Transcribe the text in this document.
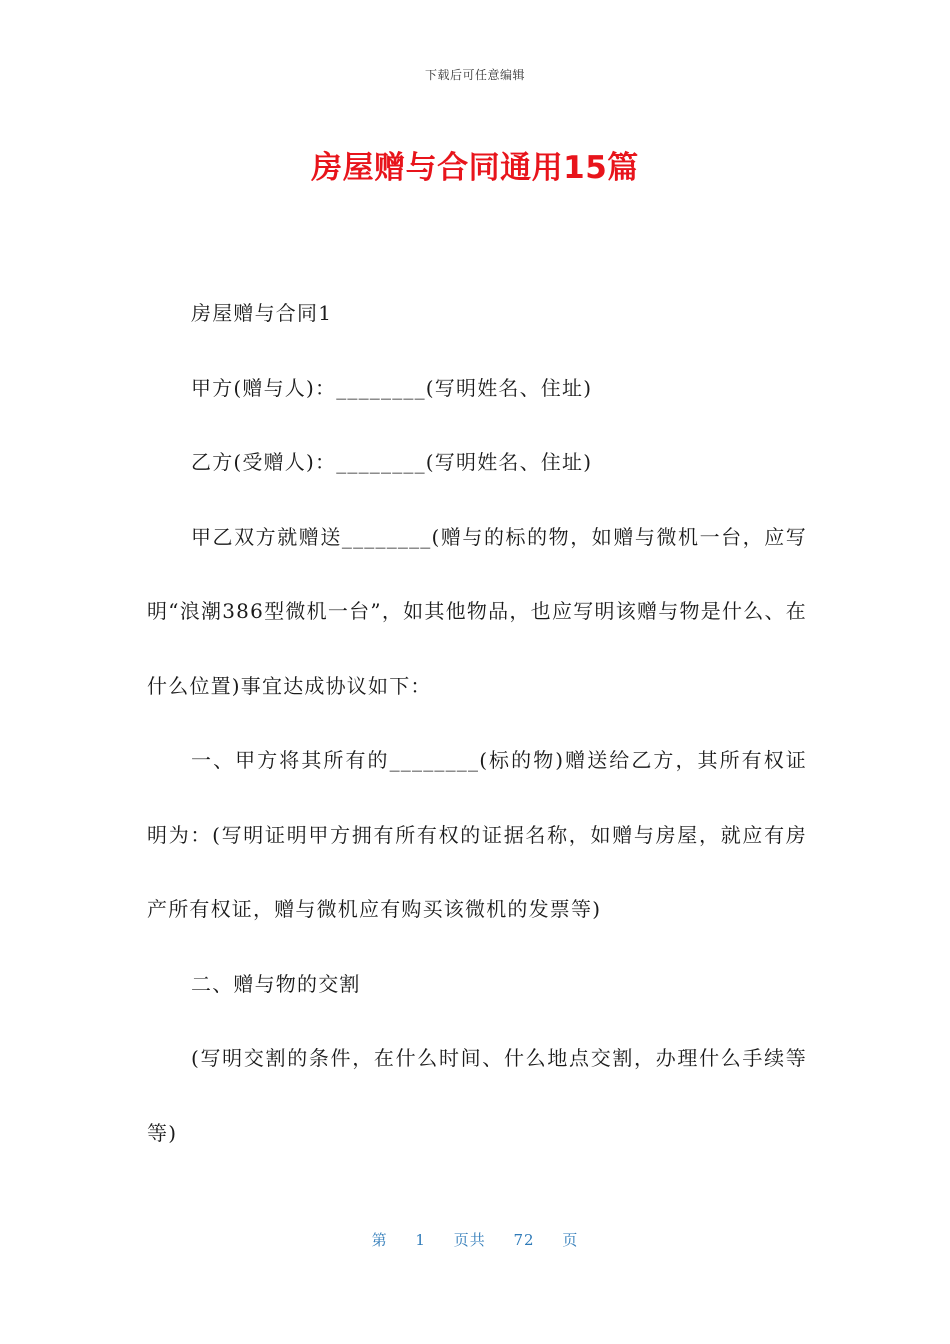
下载后可任意编辑
房屋赠与合同通用15篇

房屋赠与合同1

甲方(赠与人)：________(写明姓名、住址)

乙方(受赠人)：________(写明姓名、住址)

甲乙双方就赠送________(赠与的标的物，如赠与微机一台，应写明“浪潮386型微机一台”，如其他物品，也应写明该赠与物是什么、在什么位置)事宜达成协议如下：

一、甲方将其所有的________(标的物)赠送给乙方，其所有权证明为：(写明证明甲方拥有所有权的证据名称，如赠与房屋，就应有房产所有权证，赠与微机应有购买该微机的发票等)

二、赠与物的交割

(写明交割的条件，在什么时间、什么地点交割，办理什么手续等等)

第 1 页共 72 页
